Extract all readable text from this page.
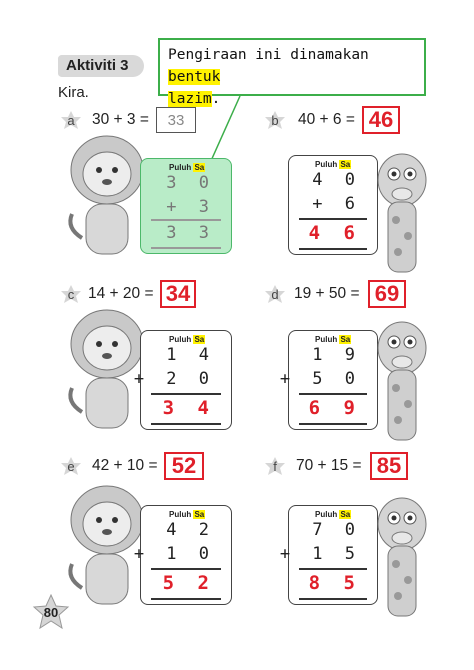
Aktiviti 3
Kira.
Pengiraan ini dinamakan bentuk
lazim.
a 30 + 3 =	33
Puluh Sa
3 0
+ 3
3 3
b 40 + 6 = 46
Puluh Sa
4 0
+ 6
4 6
c 14 + 20 = 34
Puluh Sa
1 4
+ 2 0
3 4
d 19 + 50 = 69
Puluh Sa
1 9
+ 5 0
6 9
e 42 + 10 = 52
Puluh Sa
4 2
+ 1 0
5 2
f 70 + 15 = 85
Puluh Sa
7 0
+ 1 5
8 5
80
